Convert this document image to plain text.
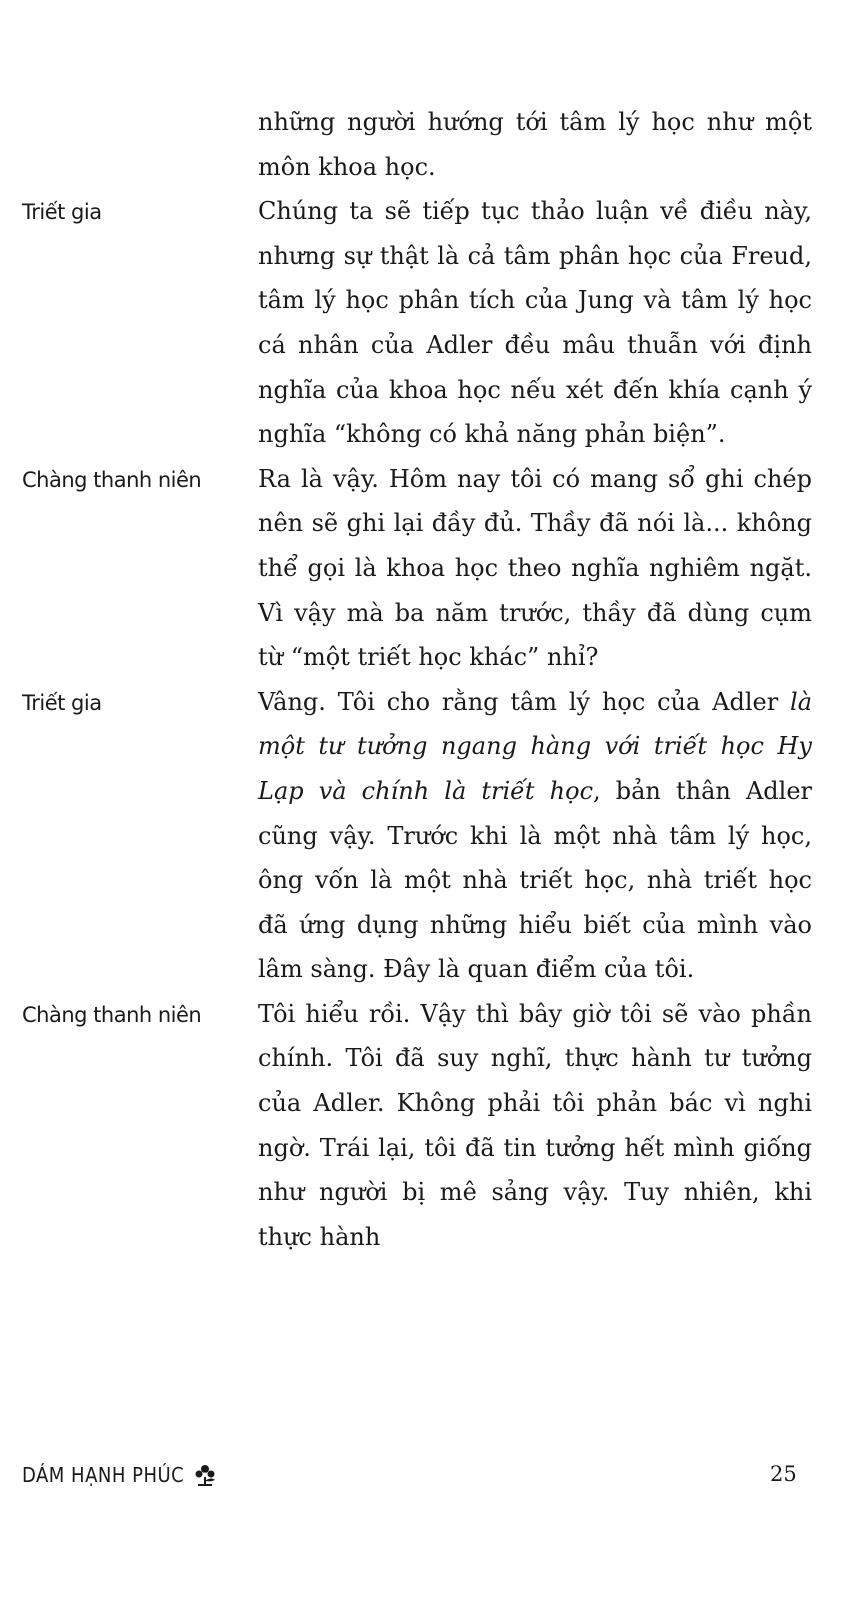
những người hướng tới tâm lý học như một môn khoa học.
Triết gia	Chúng ta sẽ tiếp tục thảo luận về điều này, nhưng sự thật là cả tâm phân học của Freud, tâm lý học phân tích của Jung và tâm lý học cá nhân của Adler đều mâu thuẫn với định nghĩa của khoa học nếu xét đến khía cạnh ý nghĩa “không có khả năng phản biện”.
Chàng thanh niên	Ra là vậy. Hôm nay tôi có mang sổ ghi chép nên sẽ ghi lại đầy đủ. Thầy đã nói là... không thể gọi là khoa học theo nghĩa nghiêm ngặt. Vì vậy mà ba năm trước, thầy đã dùng cụm từ “một triết học khác” nhỉ?
Triết gia	Vâng. Tôi cho rằng tâm lý học của Adler là một tư tưởng ngang hàng với triết học Hy Lạp và chính là triết học, bản thân Adler cũng vậy. Trước khi là một nhà tâm lý học, ông vốn là một nhà triết học, nhà triết học đã ứng dụng những hiểu biết của mình vào lâm sàng. Đây là quan điểm của tôi.
Chàng thanh niên	Tôi hiểu rồi. Vậy thì bây giờ tôi sẽ vào phần chính. Tôi đã suy nghĩ, thực hành tư tưởng của Adler. Không phải tôi phản bác vì nghi ngờ. Trái lại, tôi đã tin tưởng hết mình giống như người bị mê sảng vậy. Tuy nhiên, khi thực hành
DÁM HẠNH PHÚC	25
